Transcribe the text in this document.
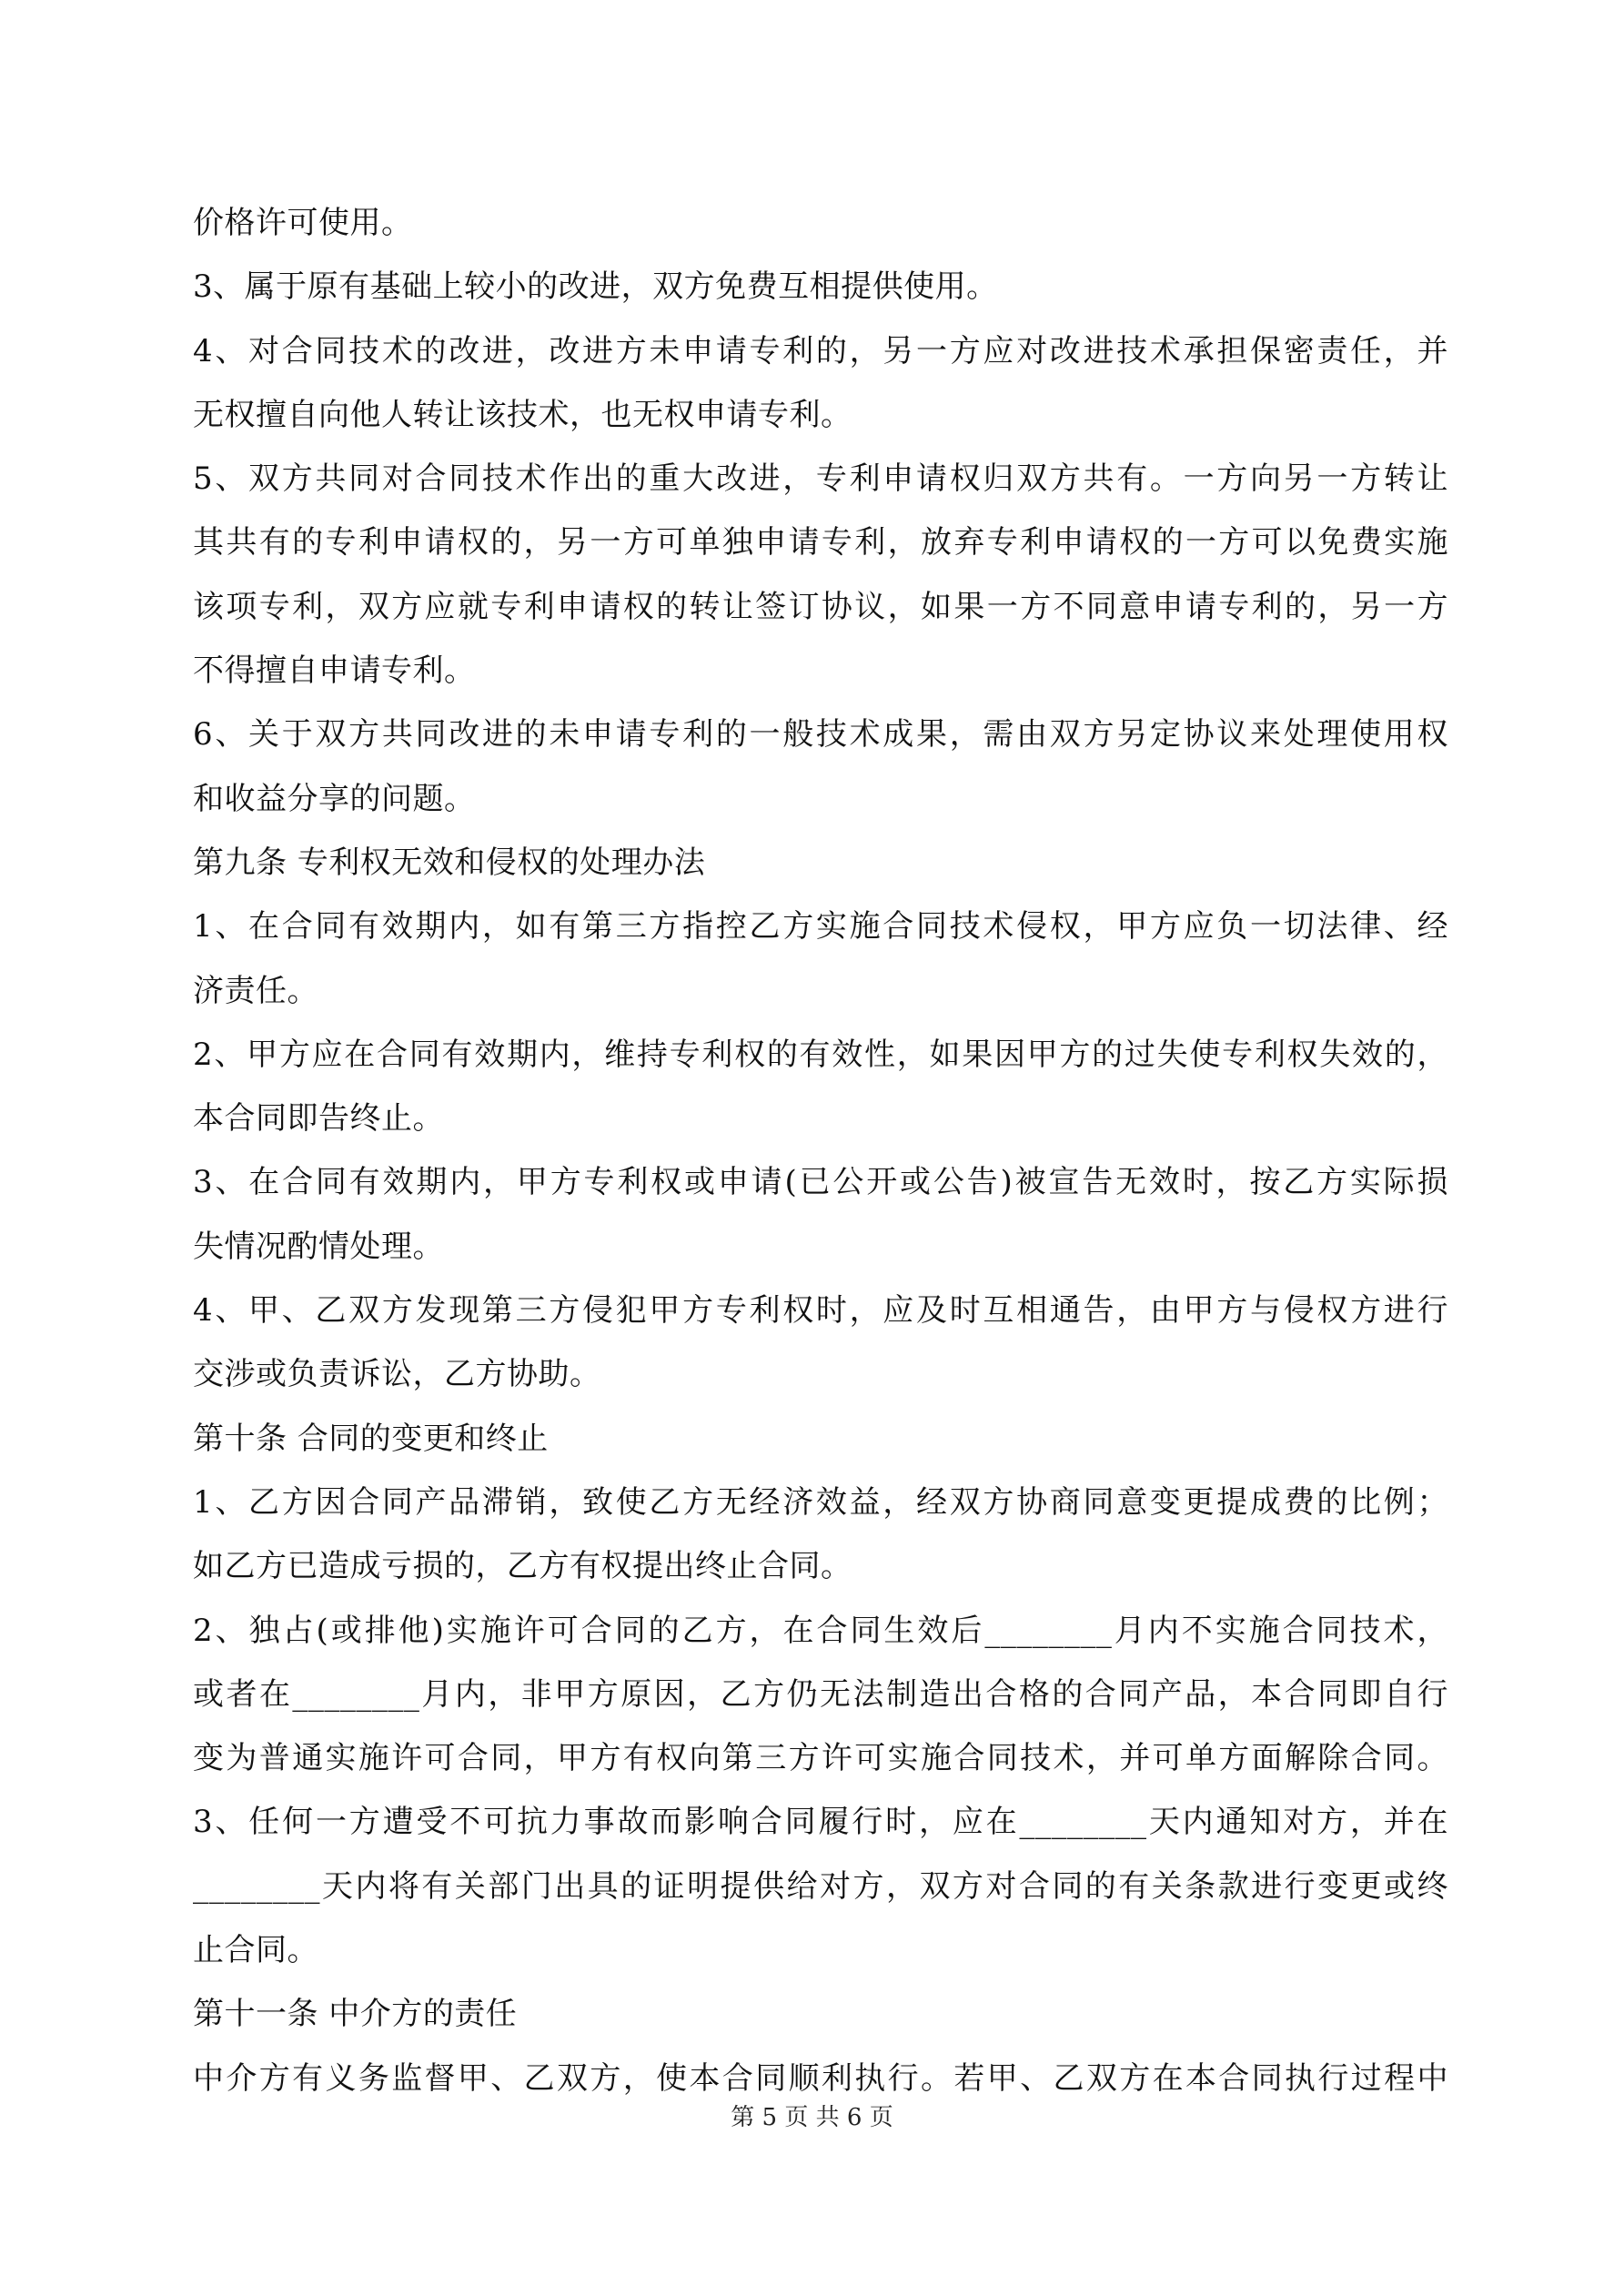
价格许可使用。
3、属于原有基础上较小的改进，双方免费互相提供使用。
4、对合同技术的改进，改进方未申请专利的，另一方应对改进技术承担保密责任，并
无权擅自向他人转让该技术，也无权申请专利。
5、双方共同对合同技术作出的重大改进，专利申请权归双方共有。一方向另一方转让
其共有的专利申请权的，另一方可单独申请专利，放弃专利申请权的一方可以免费实施
该项专利，双方应就专利申请权的转让签订协议，如果一方不同意申请专利的，另一方
不得擅自申请专利。
6、关于双方共同改进的未申请专利的一般技术成果，需由双方另定协议来处理使用权
和收益分享的问题。
第九条 专利权无效和侵权的处理办法
1、在合同有效期内，如有第三方指控乙方实施合同技术侵权，甲方应负一切法律、经
济责任。
2、甲方应在合同有效期内，维持专利权的有效性，如果因甲方的过失使专利权失效的，
本合同即告终止。
3、在合同有效期内，甲方专利权或申请(已公开或公告)被宣告无效时，按乙方实际损
失情况酌情处理。
4、甲、乙双方发现第三方侵犯甲方专利权时，应及时互相通告，由甲方与侵权方进行
交涉或负责诉讼，乙方协助。
第十条 合同的变更和终止
1、乙方因合同产品滞销，致使乙方无经济效益，经双方协商同意变更提成费的比例；
如乙方已造成亏损的，乙方有权提出终止合同。
2、独占(或排他)实施许可合同的乙方，在合同生效后________月内不实施合同技术，
或者在________月内，非甲方原因，乙方仍无法制造出合格的合同产品，本合同即自行
变为普通实施许可合同，甲方有权向第三方许可实施合同技术，并可单方面解除合同。
3、任何一方遭受不可抗力事故而影响合同履行时，应在________天内通知对方，并在
________天内将有关部门出具的证明提供给对方，双方对合同的有关条款进行变更或终
止合同。
第十一条 中介方的责任
中介方有义务监督甲、乙双方，使本合同顺利执行。若甲、乙双方在本合同执行过程中
第 5 页 共 6 页
